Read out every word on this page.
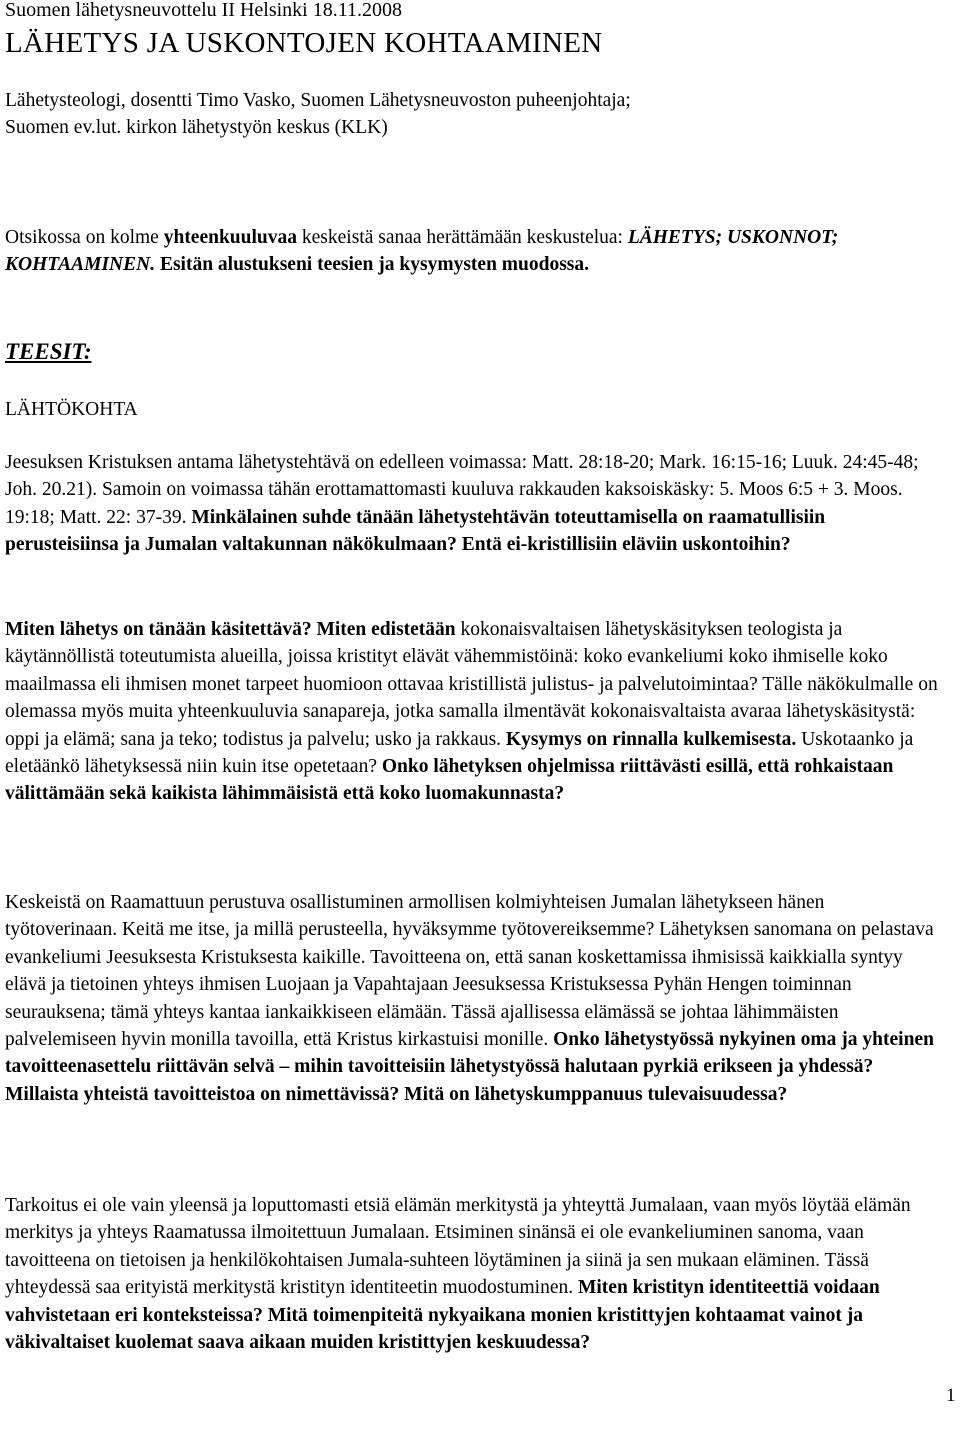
Suomen lähetysneuvottelu II Helsinki 18.11.2008
LÄHETYS JA USKONTOJEN KOHTAAMINEN

Lähetysteologi, dosentti Timo Vasko, Suomen Lähetysneuvoston puheenjohtaja;
Suomen ev.lut. kirkon lähetystyön keskus (KLK)

Otsikossa on kolme yhteenkuuluvaa keskeistä sanaa herättämään keskustelua: LÄHETYS; USKONNOT; KOHTAAMINEN. Esitän alustukseni teesien ja kysymysten muodossa.

TEESIT:
LÄHTÖKOHTA

Jeesuksen Kristuksen antama lähetystehtävä on edelleen voimassa: Matt. 28:18-20; Mark. 16:15-16; Luuk. 24:45-48; Joh. 20.21). Samoin on voimassa tähän erottamattomasti kuuluva rakkauden kaksoiskäsky: 5. Moos 6:5 + 3. Moos. 19:18; Matt. 22: 37-39. Minkälainen suhde tänään lähetystehtävän toteuttamisella on raamatullisiin perusteisiinsa ja Jumalan valtakunnan näkökulmaan? Entä ei-kristillisiin eläviin uskontoihin?

Miten lähetys on tänään käsitettävä? Miten edistetään kokonaisvaltaisen lähetyskäsityksen teologista ja käytännöllistä toteutumista alueilla, joissa kristityt elävät vähemmistöinä: koko evankeliumi koko ihmiselle koko maailmassa eli ihmisen monet tarpeet huomioon ottavaa kristillistä julistus- ja palvelutoimintaa? Tälle näkökulmalle on olemassa myös muita yhteenkuuluvia sanapareja, jotka samalla ilmentävät kokonaisvaltaista avaraa lähetyskäsitystä: oppi ja elämä; sana ja teko; todistus ja palvelu; usko ja rakkaus. Kysymys on rinnalla kulkemisesta. Uskotaanko ja eletäänkö lähetyksessä niin kuin itse opetetaan? Onko lähetyksen ohjelmissa riittävästi esillä, että rohkaistaan välittämään sekä kaikista lähimmäisistä että koko luomakunnasta?

Keskeistä on Raamattuun perustuva osallistuminen armollisen kolmiyhteisen Jumalan lähetykseen hänen työtoverinaan. Keitä me itse, ja millä perusteella, hyväksymme työtovereiksemme? Lähetyksen sanomana on pelastava evankeliumi Jeesuksesta Kristuksesta kaikille. Tavoitteena on, että sanan koskettamissa ihmisissä kaikkialla syntyy elävä ja tietoinen yhteys ihmisen Luojaan ja Vapahtajaan Jeesuksessa Kristuksessa Pyhän Hengen toiminnan seurauksena; tämä yhteys kantaa iankaikkiseen elämään. Tässä ajallisessa elämässä se johtaa lähimmäisten palvelemiseen hyvin monilla tavoilla, että Kristus kirkastuisi monille. Onko lähetystyössä nykyinen oma ja yhteinen tavoitteenasettelu riittävän selvä – mihin tavoitteisiin lähetystyössä halutaan pyrkiä erikseen ja yhdessä? Millaista yhteistä tavoitteistoa on nimettävissä? Mitä on lähetyskumppanuus tulevaisuudessa?

Tarkoitus ei ole vain yleensä ja loputtomasti etsiä elämän merkitystä ja yhteyttä Jumalaan, vaan myös löytää elämän merkitys ja yhteys Raamatussa ilmoitettuun Jumalaan. Etsiminen sinänsä ei ole evankeliuminen sanoma, vaan tavoitteena on tietoisen ja henkilökohtaisen Jumala-suhteen löytäminen ja siinä ja sen mukaan eläminen. Tässä yhteydessä saa erityistä merkitystä kristityn identiteetin muodostuminen. Miten kristityn identiteettiä voidaan vahvistetaan eri konteksteissa? Mitä toimenpiteitä nykyaikana monien kristittyjen kohtaamat vainot ja väkivaltaiset kuolemat saava aikaan muiden kristittyjen keskuudessa?

1
